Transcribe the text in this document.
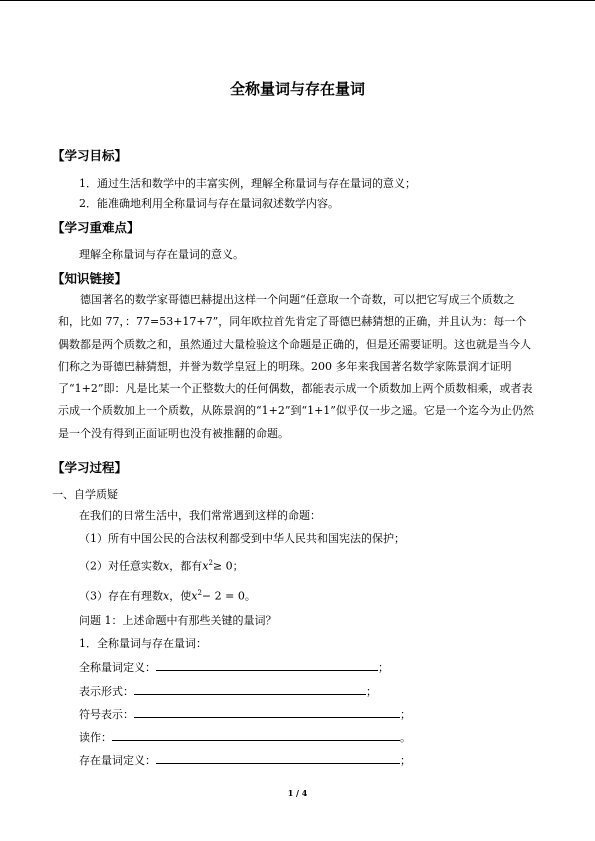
全称量词与存在量词
【学习目标】
1．通过生活和数学中的丰富实例，理解全称量词与存在量词的意义；
2．能准确地利用全称量词与存在量词叙述数学内容。
【学习重难点】
理解全称量词与存在量词的意义。
【知识链接】
德国著名的数学家哥德巴赫提出这样一个问题“任意取一个奇数，可以把它写成三个质数之和，比如 77，：77=53+17+7”，同年欧拉首先肯定了哥德巴赫猜想的正确，并且认为：每一个偶数都是两个质数之和，虽然通过大量检验这个命题是正确的，但是还需要证明。这也就是当今人们称之为哥德巴赫猜想，并誉为数学皇冠上的明珠。200 多年来我国著名数学家陈景润才证明了“1+2”即：凡是比某一个正整数大的任何偶数，都能表示成一个质数加上两个质数相乘，或者表示成一个质数加上一个质数，从陈景润的“1+2”到“1+1”似乎仅一步之遥。它是一个迄今为止仍然是一个没有得到正面证明也没有被推翻的命题。
【学习过程】
一、自学质疑
在我们的日常生活中，我们常常遇到这样的命题：
（1）所有中国公民的合法权利都受到中华人民共和国宪法的保护；
（2）对任意实数x，都有$x^2\ge 0$；
（3）存在有理数x，使$x^2- 2 = 0$。
问题 1：上述命题中有那些关键的量词？
1．全称量词与存在量词：
全称量词定义：	；
表示形式：	；
符号表示：	；
读作：	。
存在量词定义：	；
1 / 4
